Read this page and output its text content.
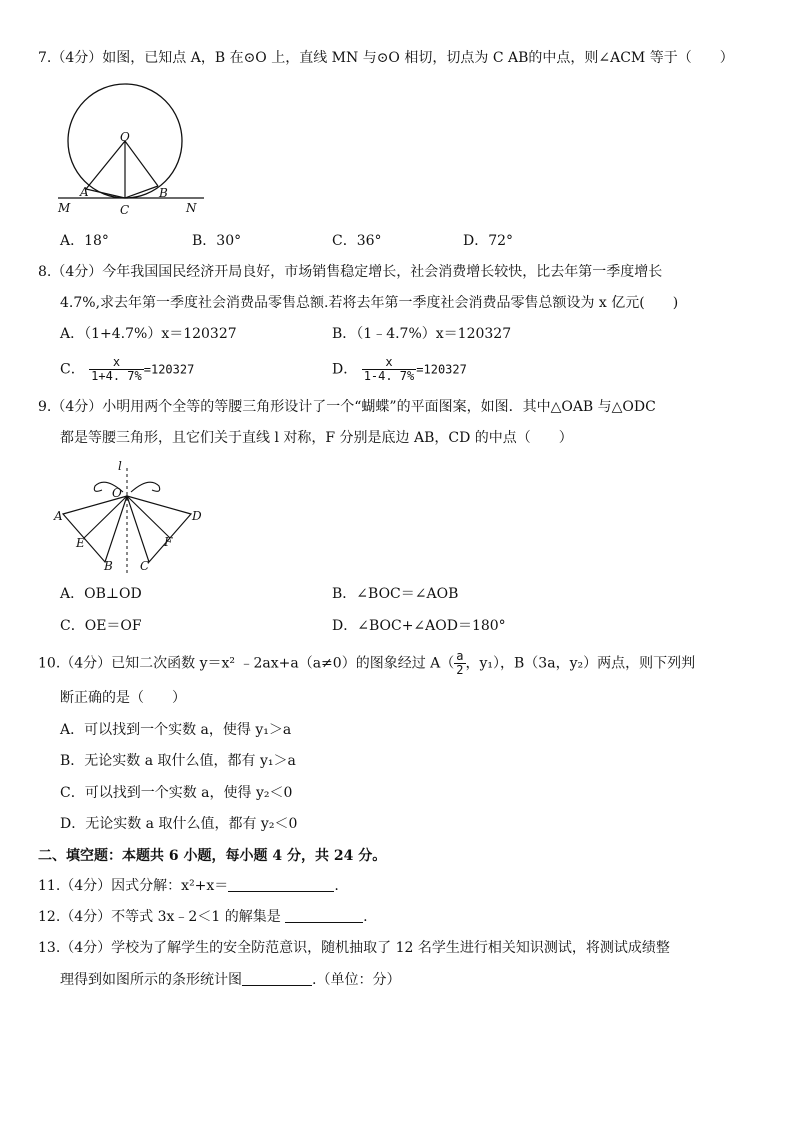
7.（4分）如图，已知点 A，B 在⊙O 上，直线 MN 与⊙O 相切，切点为 C AB的中点，则∠ACM 等于（　　）
O
A	B
C
M	N
A．18°	B．30°	C．36°	D．72°
8.（4分）今年我国国民经济开局良好，市场销售稳定增长，社会消费增长较快，比去年第一季度增长
4.7%,求去年第一季度社会消费品零售总额.若将去年第一季度社会消费品零售总额设为 x 亿元(　　)
A．（1+4.7%）x＝120327	B．（1﹣4.7%）x＝120327
C． $\frac{x}{1+4. 7\%} =120327$	D． $\frac{x}{1-4. 7\%} =120327$
9.（4分）小明用两个全等的等腰三角形设计了一个“蝴蝶”的平面图案，如图．其中△OAB 与△ODC
都是等腰三角形，且它们关于直线 l 对称，F 分别是底边 AB，CD 的中点（　　）
l
O
A
E
B C
F
D
A．OB⊥OD	B．∠BOC＝∠AOB
C．OE＝OF	D．∠BOC+∠AOD＝180°
10.（4分）已知二次函数 y＝x² ﹣2ax+a（a≠0）的图象经过 $A( \frac{a}{2}$ ，y₁），B（3a，y₂）两点，则下列判
断正确的是（　　）
A．可以找到一个实数 a，使得 y₁＞a
B．无论实数 a 取什么值，都有 y₁＞a
C．可以找到一个实数 a，使得 y₂＜0
D．无论实数 a 取什么值，都有 y₂＜0
二、填空题：本题共 6 小题，每小题 4 分，共 24 分。
11.（4分）因式分解：x²+x＝	.
12.（4分）不等式 3x﹣2＜1 的解集是	.
13.（4分）学校为了解学生的安全防范意识，随机抽取了 12 名学生进行相关知识测试，将测试成绩整
理得到如图所示的条形统计图	.（单位：分）
